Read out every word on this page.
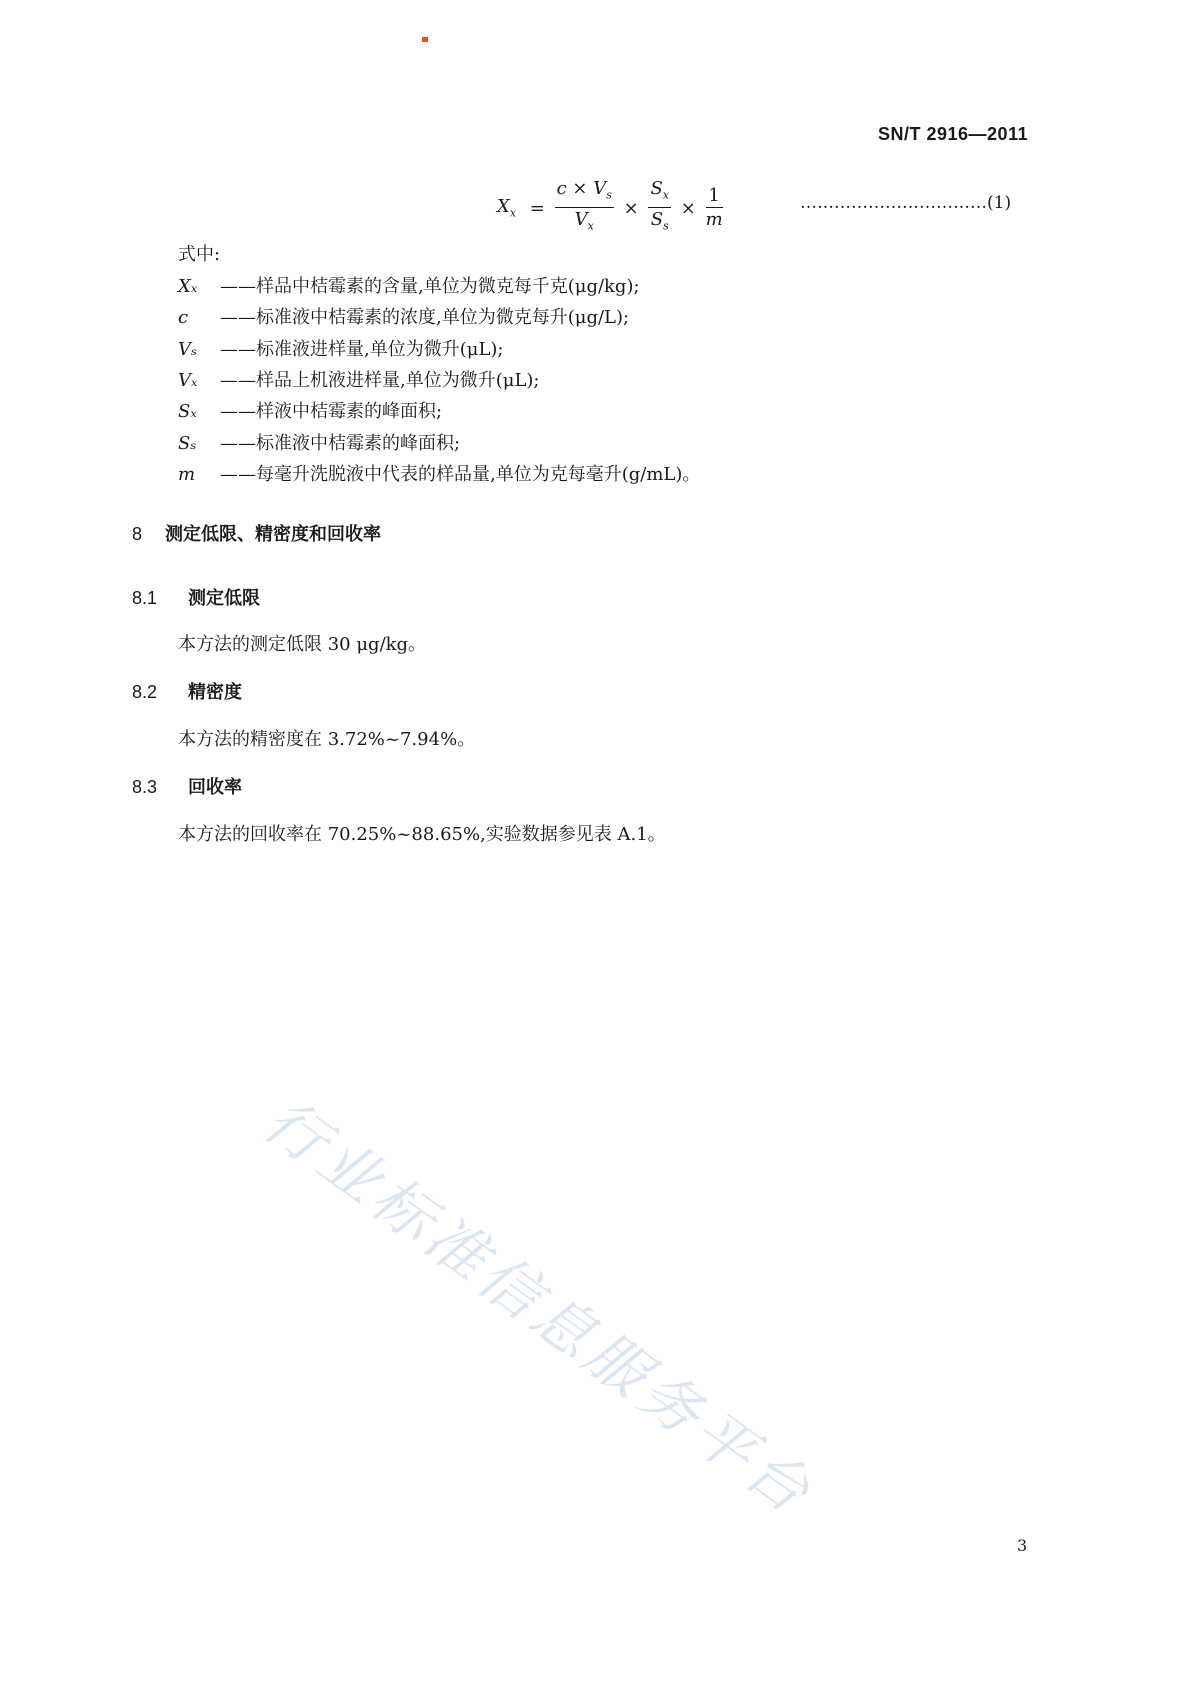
SN/T 2916—2011
$X_x = \frac{c \times V_s}{V_x} \times \frac{S_x}{S_s} \times \frac{1}{m}$	……………………………(1)
式中:
Xₓ ——样品中桔霉素的含量,单位为微克每千克(μg/kg);
c ——标准液中桔霉素的浓度,单位为微克每升(μg/L);
Vₛ ——标准液进样量,单位为微升(μL);
Vₓ ——样品上机液进样量,单位为微升(μL);
Sₓ ——样液中桔霉素的峰面积;
Sₛ ——标准液中桔霉素的峰面积;
m ——每毫升洗脱液中代表的样品量,单位为克每毫升(g/mL)。
8 测定低限、精密度和回收率
8.1 测定低限
本方法的测定低限 30 μg/kg。
8.2 精密度
本方法的精密度在 3.72%~7.94%。
8.3 回收率
本方法的回收率在 70.25%~88.65%,实验数据参见表 A.1。
行业标准信息服务平台
3
